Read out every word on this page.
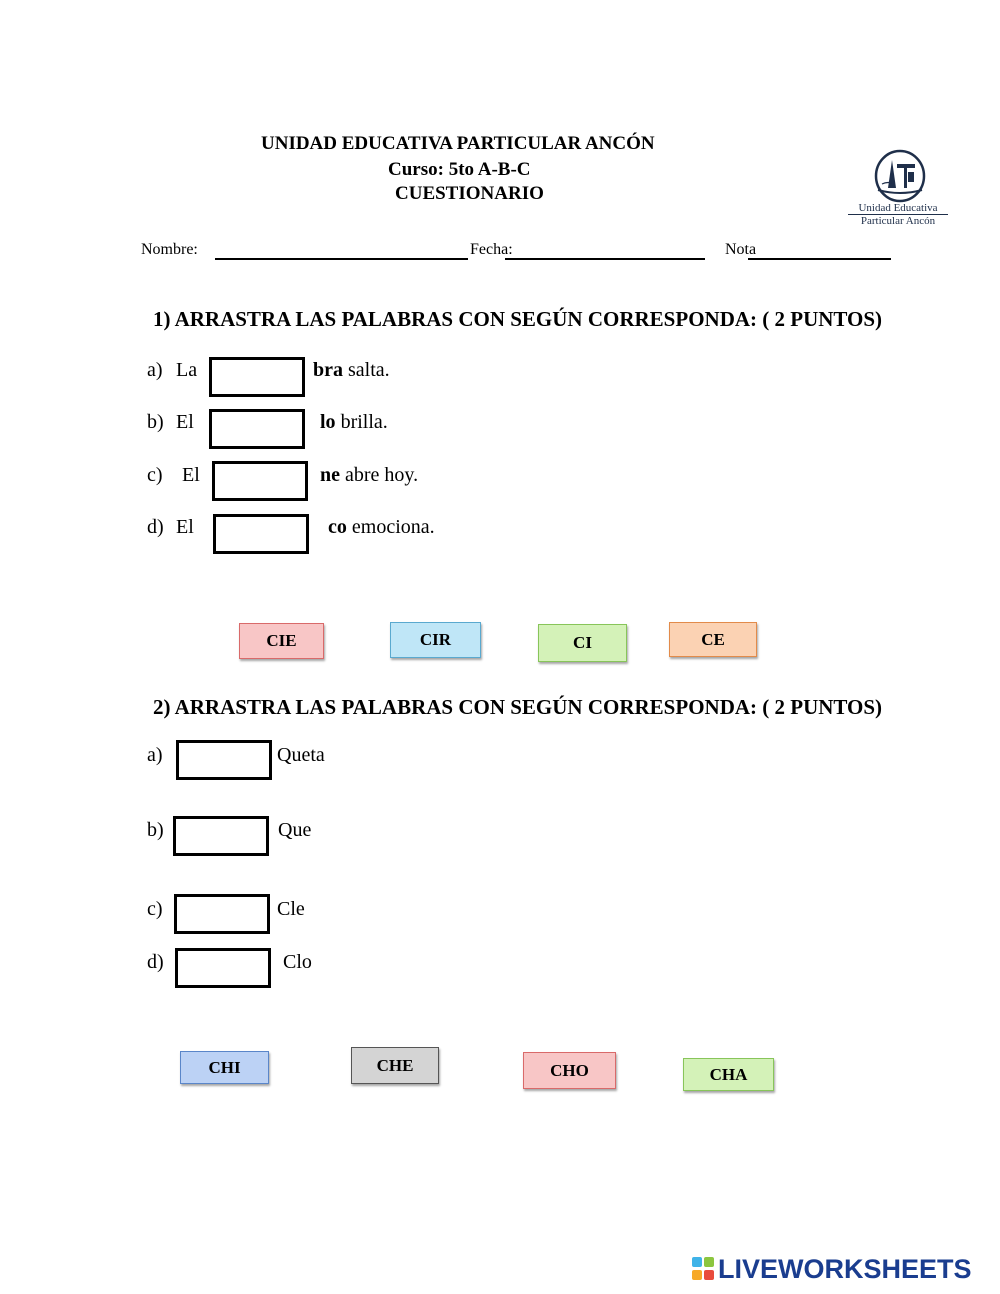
UNIDAD EDUCATIVA PARTICULAR ANCÓN
Curso: 5to A-B-C
CUESTIONARIO
Unidad Educativa
Particular Ancón
Nombre:	Fecha:	Nota
1) ARRASTRA LAS PALABRAS CON SEGÚN CORRESPONDA: ( 2 PUNTOS)
a) La	bra salta.
b) El	lo brilla.
c) El	ne abre hoy.
d) El	co emociona.
CIE	CIR	CI	CE
2) ARRASTRA LAS PALABRAS CON SEGÚN CORRESPONDA: ( 2 PUNTOS)
a)	Queta
b)	Que
c)	Cle
d)	Clo
CHI	CHE	CHO	CHA
LIVEWORKSHEETS
